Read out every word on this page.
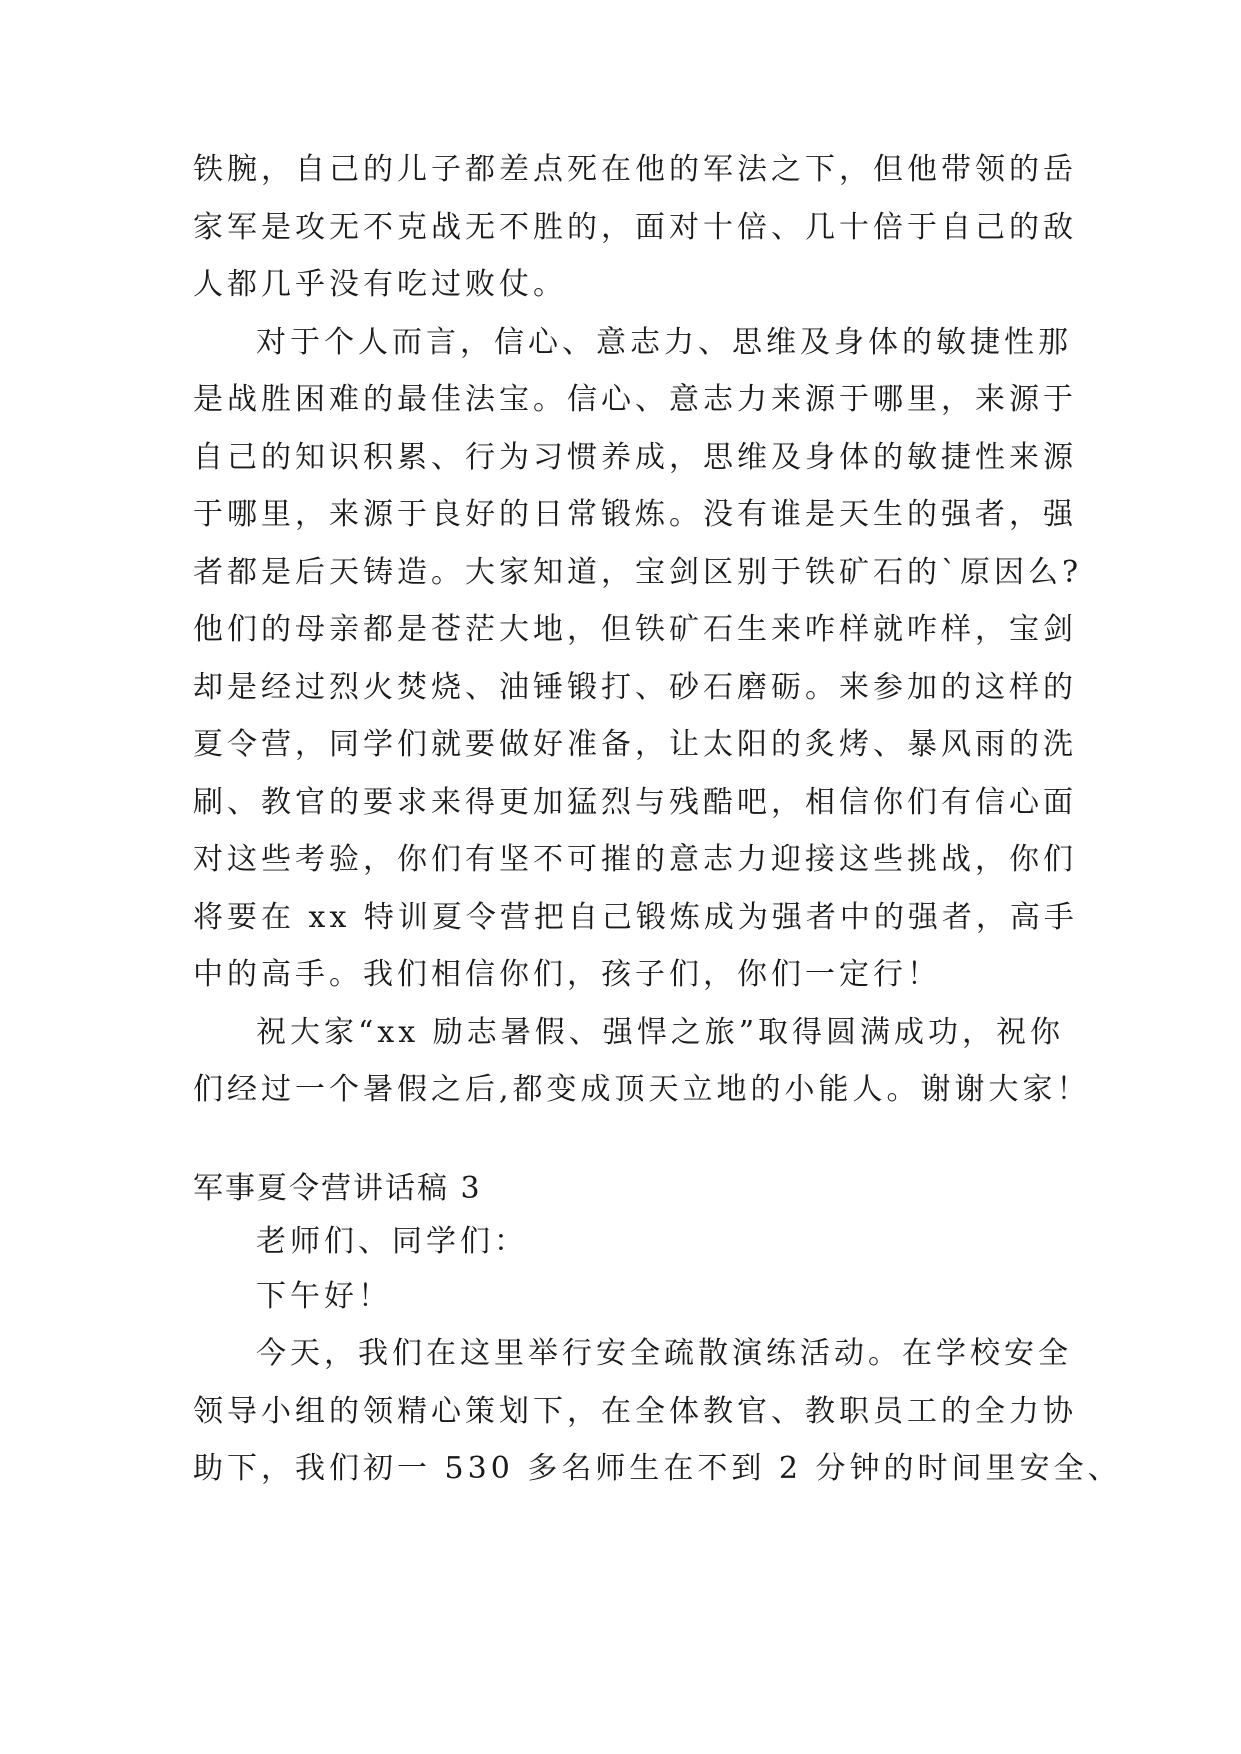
铁腕，自己的儿子都差点死在他的军法之下，但他带领的岳
家军是攻无不克战无不胜的，面对十倍、几十倍于自己的敌
人都几乎没有吃过败仗。
对于个人而言，信心、意志力、思维及身体的敏捷性那
是战胜困难的最佳法宝。信心、意志力来源于哪里，来源于
自己的知识积累、行为习惯养成，思维及身体的敏捷性来源
于哪里，来源于良好的日常锻炼。没有谁是天生的强者，强
者都是后天铸造。大家知道，宝剑区别于铁矿石的`原因么?
他们的母亲都是苍茫大地，但铁矿石生来咋样就咋样，宝剑
却是经过烈火焚烧、油锤锻打、砂石磨砺。来参加的这样的
夏令营，同学们就要做好准备，让太阳的炙烤、暴风雨的洗
刷、教官的要求来得更加猛烈与残酷吧，相信你们有信心面
对这些考验，你们有坚不可摧的意志力迎接这些挑战，你们
将要在 xx 特训夏令营把自己锻炼成为强者中的强者，高手
中的高手。我们相信你们，孩子们，你们一定行！
祝大家“xx 励志暑假、强悍之旅”取得圆满成功，祝你
们经过一个暑假之后,都变成顶天立地的小能人。谢谢大家！
军事夏令营讲话稿 3
老师们、同学们：
下午好！
今天，我们在这里举行安全疏散演练活动。在学校安全
领导小组的领精心策划下，在全体教官、教职员工的全力协
助下，我们初一 530 多名师生在不到 2 分钟的时间里安全、
